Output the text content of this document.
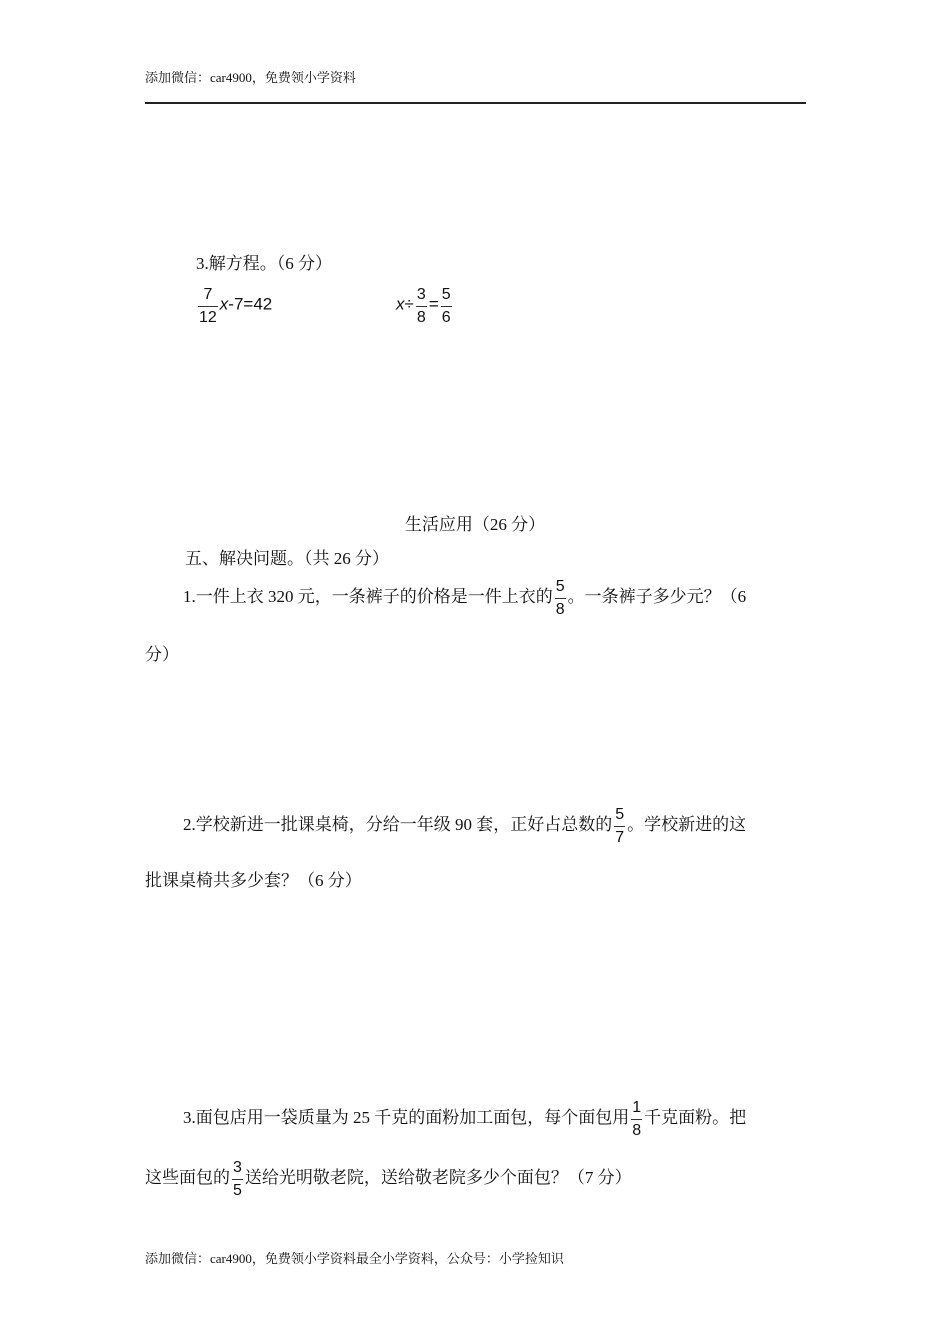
添加微信：car4900，免费领小学资料
3.解方程。（6 分）
$\frac{7}{12} x-7=42$	$x\div \frac{3}{8} = \frac{5}{6}$
生活应用（26 分）
五、解决问题。（共 26 分）
1.一件上衣 320 元，一条裤子的价格是一件上衣的 $\frac{5}{8}$ 。一条裤子多少元？（6
分）
2.学校新进一批课桌椅，分给一年级 90 套，正好占总数的 $\frac{5}{7}$ 。学校新进的这
批课桌椅共多少套？（6 分）
3.面包店用一袋质量为 25 千克的面粉加工面包，每个面包用 $\frac{1}{8}$ 千克面粉。把
这些面包的 $\frac{3}{5}$ 送给光明敬老院，送给敬老院多少个面包？（7 分）
添加微信：car4900，免费领小学资料最全小学资料，公众号：小学捡知识
